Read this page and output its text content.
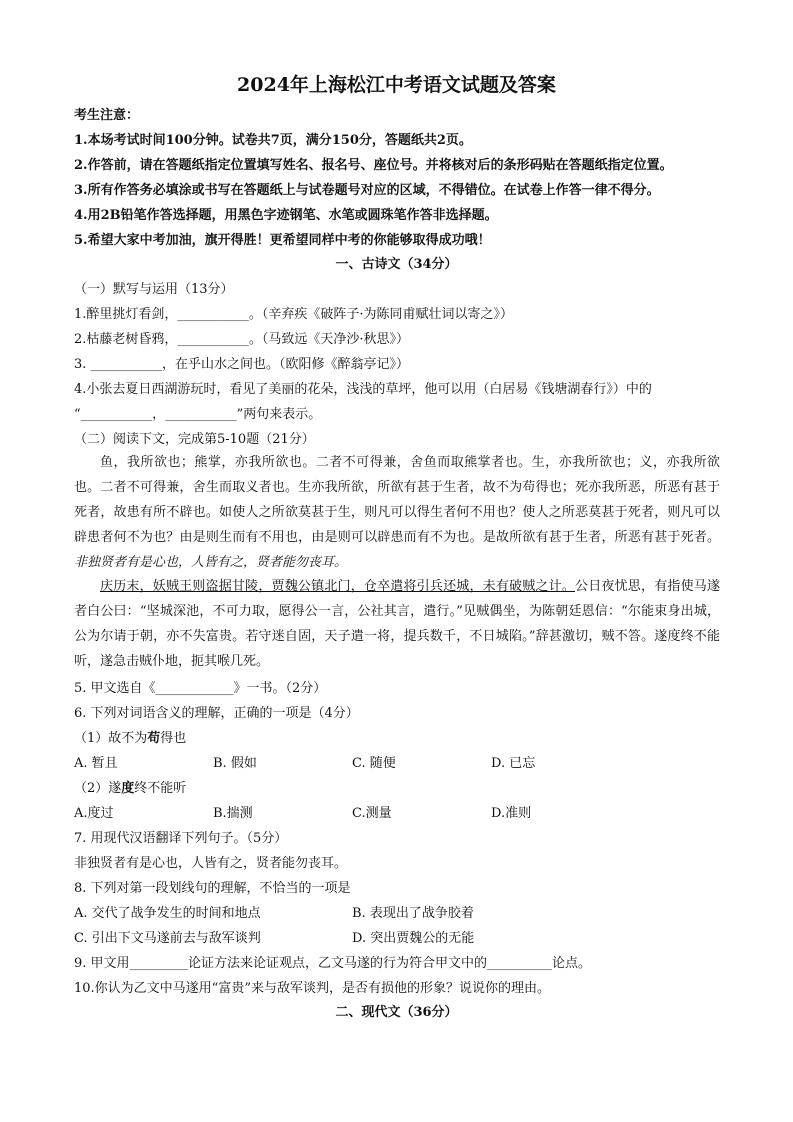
2024年上海松江中考语文试题及答案
考生注意：
1.本场考试时间100分钟。试卷共7页，满分150分，答题纸共2页。
2.作答前，请在答题纸指定位置填写姓名、报名号、座位号。并将核对后的条形码贴在答题纸指定位置。
3.所有作答务必填涂或书写在答题纸上与试卷题号对应的区域，不得错位。在试卷上作答一律不得分。
4.用2B铅笔作答选择题，用黑色字迹钢笔、水笔或圆珠笔作答非选择题。
5.希望大家中考加油，旗开得胜！更希望同样中考的你能够取得成功哦！
一、古诗文（34分）
（一）默写与运用（13分）
1.醉里挑灯看剑，___________。（辛弃疾《破阵子·为陈同甫赋壮词以寄之》）
2.枯藤老树昏鸦，___________。（马致远《天净沙·秋思》）
3. ___________，在乎山水之间也。（欧阳修《醉翁亭记》）
4.小张去夏日西湖游玩时，看见了美丽的花朵，浅浅的草坪，他可以用（白居易《钱塘湖春行》）中的
“___________，___________”两句来表示。
（二）阅读下文，完成第5-10题（21分）
鱼，我所欲也；熊掌，亦我所欲也。二者不可得兼，舍鱼而取熊掌者也。生，亦我所欲也；义，亦我所欲也。二者不可得兼，舍生而取义者也。生亦我所欲，所欲有甚于生者，故不为苟得也；死亦我所恶，所恶有甚于死者，故患有所不辟也。如使人之所欲莫甚于生，则凡可以得生者何不用也？使人之所恶莫甚于死者，则凡可以辟患者何不为也？由是则生而有不用也，由是则可以辟患而有不为也。是故所欲有甚于生者，所恶有甚于死者。非独贤者有是心也，人皆有之，贤者能勿丧耳。
庆历末，妖贼王则盗据甘陵，贾魏公镇北门，仓卒遣将引兵还城，未有破贼之计。公日夜忧思，有指使马遂者白公曰：“坚城深池，不可力取，愿得公一言，公社其言，遣行。”见贼偶坐，为陈朝廷恩信：“尔能束身出城，公为尔请于朝，亦不失富贵。若守迷自固，天子遣一将，提兵数千，不日城陷。”辞甚激切，贼不答。遂度终不能听，遂急击贼仆地，扼其喉几死。
5. 甲文选自《____________》一书。（2分）
6. 下列对词语含义的理解，正确的一项是（4分）
（1）故不为苟得也
A. 暂且	B. 假如	C. 随便	D. 已忘
（2）遂度终不能听
A.度过	B.揣测	C.测量	D.准则
7. 用现代汉语翻译下列句子。（5分）
非独贤者有是心也，人皆有之，贤者能勿丧耳。
8. 下列对第一段划线句的理解，不恰当的一项是
A. 交代了战争发生的时间和地点	B. 表现出了战争胶着
C. 引出下文马遂前去与敌军谈判	D. 突出贾魏公的无能
9. 甲文用_________论证方法来论证观点，乙文马遂的行为符合甲文中的__________论点。
10.你认为乙文中马遂用“富贵”来与敌军谈判，是否有损他的形象？说说你的理由。
二、现代文（36分）
